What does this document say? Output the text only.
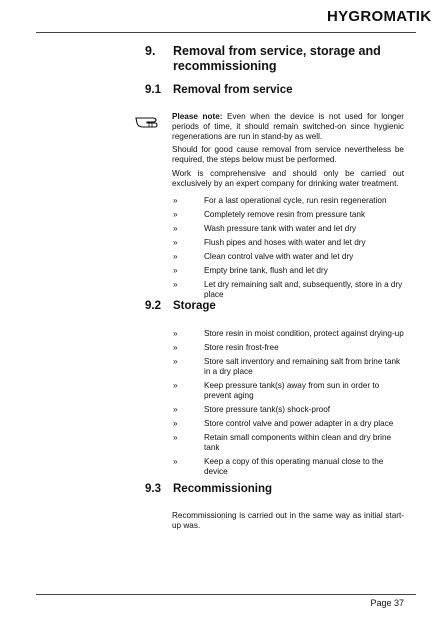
HYGROMATIK
9.	Removal from service, storage and recommissioning
9.1 Removal from service
Please note: Even when the device is not used for longer periods of time, it should remain switched-on since hygienic regenerations are run in stand-by as well.
Should for good cause removal from service nevertheless be required, the steps below must be performed.
Work is comprehensive and should only be carried out exclusively by an expert company for drinking water treatment.
»	For a last operational cycle, run resin regeneration
»	Completely remove resin from pressure tank
»	Wash pressure tank with water and let dry
»	Flush pipes and hoses with water and let dry
»	Clean control valve with water and let dry
»	Empty brine tank, flush and let dry
»	Let dry remaining salt and, subsequently, store in a dry place
9.2 Storage
»	Store resin in moist condition, protect against drying-up
»	Store resin frost-free
»	Store salt inventory and remaining salt from brine tank in a dry place
»	Keep pressure tank(s) away from sun in order to prevent aging
»	Store pressure tank(s) shock-proof
»	Store control valve and power adapter in a dry place
»	Retain small components within clean and dry brine tank
»	Keep a copy of this operating manual close to the device
9.3 Recommissioning
Recommissioning is carried out in the same way as initial start-up was.
Page 37
